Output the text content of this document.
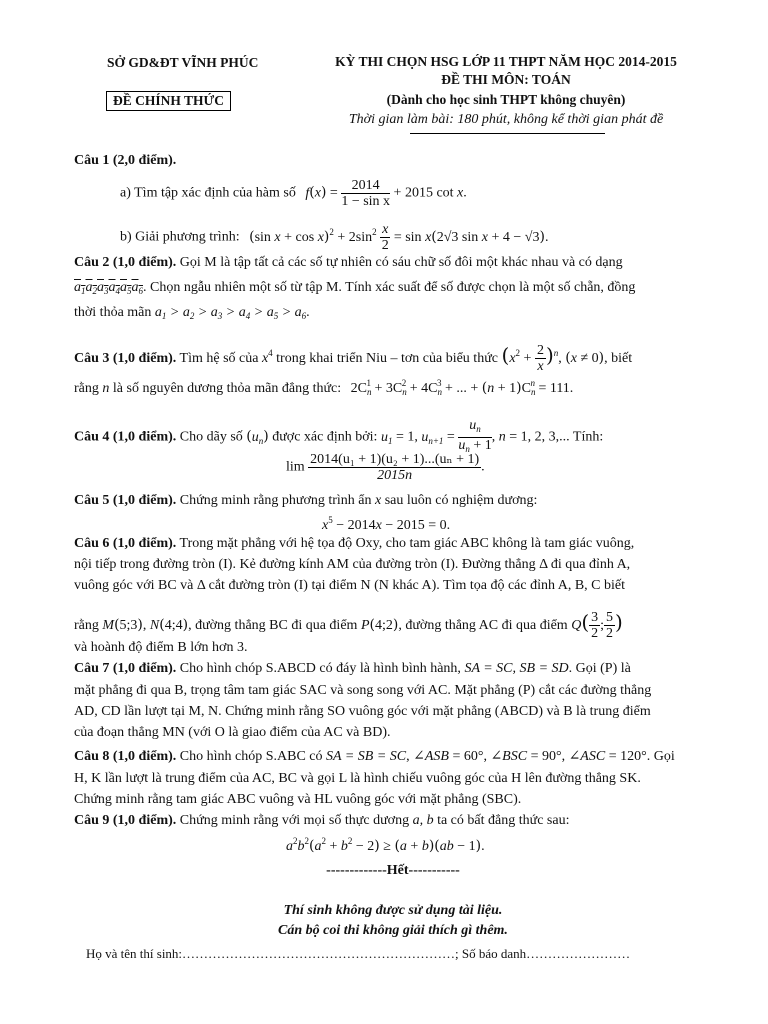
SỞ GD&ĐT VĨNH PHÚC
ĐỀ CHÍNH THỨC
KỲ THI CHỌN HSG LỚP 11 THPT NĂM HỌC 2014-2015
ĐỀ THI MÔN: TOÁN
(Dành cho học sinh THPT không chuyên)
Thời gian làm bài: 180 phút, không kể thời gian phát đề
Câu 1 (2,0 điểm).
a) Tìm tập xác định của hàm số $f(x) = \frac{2014}{\text{1 − sin x}} + 2015$ cot x.
b) Giải phương trình: (sin $x + \cos x)^2 + 2\sin^2 \frac{x}{2} = \sin x(2√3$ sin x + 4 − √3).
Câu 2 (1,0 điểm). Gọi M là tập tất cả các số tự nhiên có sáu chữ số đôi một khác nhau và có dạng
$a_1a_2a_3a_4a_5a_6$. Chọn ngẫu nhiên một số từ tập M. Tính xác suất để số được chọn là một số chẵn, đồng
thời thỏa mãn $a_1 > a_2 > a_3 > a_4 > a_5 > a_6$.
Câu 3 (1,0 điểm). Tìm hệ số của $x^4$ trong khai triển Niu – tơn của biểu thức $(x^2 + \frac{2}{x} )^n$, (x ≠ 0), biết
rằng n là số nguyên dương thỏa mãn đẳng thức: $2C_n^1 + 3C_n^2 + 4C_n^3$ + ... + $(n + 1)C_n^n = 111$.
Câu 4 (1,0 điểm). Cho dãy số $(u_n)$ được xác định bởi: $u_1 = 1$, $u_{n+1} = \frac{u_n}{u_n + 1}$ , n = 1, 2, 3,... Tính:
$\lim \frac{\text{2014(u₁ + 1)(u₂ + 1)...(uₙ + 1)}}{2015n}$ .
Câu 5 (1,0 điểm). Chứng minh rằng phương trình ẩn x sau luôn có nghiệm dương:
$x^5 - 2014x - 2015 = 0$.
Câu 6 (1,0 điểm). Trong mặt phẳng với hệ tọa độ Oxy, cho tam giác ABC không là tam giác vuông,
nội tiếp trong đường tròn (I). Kẻ đường kính AM của đường tròn (I). Đường thẳng Δ đi qua đỉnh A,
vuông góc với BC và Δ cắt đường tròn (I) tại điểm N (N khác A). Tìm tọa độ các đỉnh A, B, C biết
rằng M(5;3), N(4;4), đường thẳng BC đi qua điểm P(4;2), đường thẳng AC đi qua điểm $Q( \frac{3}{2}$ ; $\frac{5}{2}$ )
và hoành độ điểm B lớn hơn 3.
Câu 7 (1,0 điểm). Cho hình chóp S.ABCD có đáy là hình bình hành, SA = SC, SB = SD. Gọi (P) là
mặt phẳng đi qua B, trọng tâm tam giác SAC và song song với AC. Mặt phẳng (P) cắt các đường thẳng
AD, CD lần lượt tại M, N. Chứng minh rằng SO vuông góc với mặt phẳng (ABCD) và B là trung điểm
của đoạn thẳng MN (với O là giao điểm của AC và BD).
Câu 8 (1,0 điểm). Cho hình chóp S.ABC có SA = SB = SC, ∠ASB = 60°, ∠BSC = 90°, ∠ASC = 120°. Gọi
H, K lần lượt là trung điểm của AC, BC và gọi L là hình chiếu vuông góc của H lên đường thẳng SK.
Chứng minh rằng tam giác ABC vuông và HL vuông góc với mặt phẳng (SBC).
Câu 9 (1,0 điểm). Chứng minh rằng với mọi số thực dương a, b ta có bất đẳng thức sau:
$a^2b^2(a^2 + b^2 - 2) \ge (a + b)(ab - 1)$.
-------------Hết-----------
Thí sinh không được sử dụng tài liệu.
Cán bộ coi thi không giải thích gì thêm.
Họ và tên thí sinh:………………………………………………………; Số báo danh……………………
